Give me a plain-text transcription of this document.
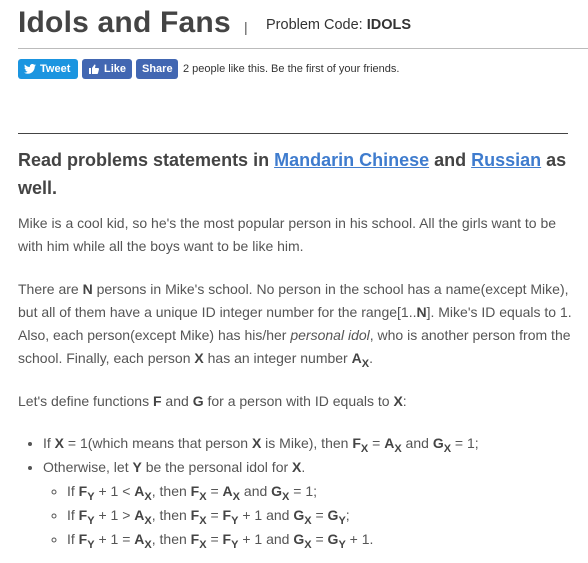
Idols and Fans | Problem Code: IDOLS
Tweet	Like Share 2 people like this. Be the first of your friends.
Read problems statements in Mandarin Chinese and Russian as well.

Mike is a cool kid, so he's the most popular person in his school. All the girls want to be with him while all the boys want to be like him.

There are N persons in Mike's school. No person in the school has a name(except Mike), but all of them have a unique ID integer number for the range[1..N]. Mike's ID equals to 1. Also, each person(except Mike) has his/her personal idol, who is another person from the school. Finally, each person X has an integer number $A_X$.

Let's define functions F and G for a person with ID equals to X:

• If X = 1(which means that person X is Mike), then $F_X = A_X$ and $G_X = 1$;
• Otherwise, let Y be the personal idol for X.
◦ If $F_Y + 1 < A_X$, then $F_X = A_X$ and $G_X = 1$;
◦ If $F_Y + 1 > A_X$, then $F_X = F_Y + 1$ and $G_X = G_Y$;
◦ If $F_Y + 1 = A_X$, then $F_X = F_Y + 1$ and $G_X = G_Y + 1$.
